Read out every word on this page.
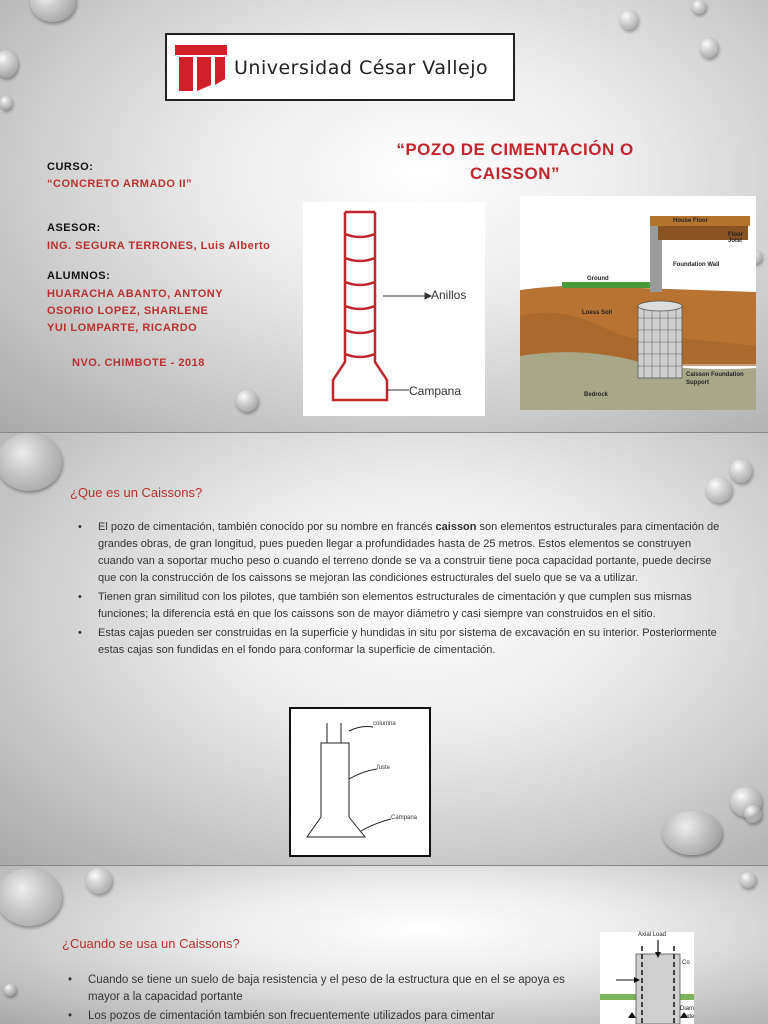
Universidad César Vallejo
CURSO:
“CONCRETO ARMADO II”
ASESOR:
ING. SEGURA TERRONES, Luis Alberto
ALUMNOS:
HUARACHA ABANTO, ANTONY
OSORIO LOPEZ, SHARLENE
YUI LOMPARTE, RICARDO
NVO. CHIMBOTE - 2018
“POZO DE CIMENTACIÓN O
CAISSON”
Anillos
Campana
House Floor
Floor Joist
Foundation Wall
Ground
Loess Soil
Bedrock
Caisson Foundation
Support
¿Que es un Caissons?
• El pozo de cimentación, también conocido por su nombre en francés caisson son elementos estructurales para cimentación de grandes obras, de gran longitud, pues pueden llegar a profundidades hasta de 25 metros. Estos elementos se construyen cuando van a soportar mucho peso o cuando el terreno donde se va a construir tiene poca capacidad portante, puede decirse que con la construcción de los caissons se mejoran las condiciones estructurales del suelo que se va a utilizar.
• Tienen gran similitud con los pilotes, que también son elementos estructurales de cimentación y que cumplen sus mismas funciones; la diferencia está en que los caissons son de mayor diámetro y casi siempre van construidos en el sitio.
• Estas cajas pueden ser construidas en la superficie y hundidas in situ por sistema de excavación en su interior. Posteriormente estas cajas son fundidas en el fondo para conformar la superficie de cimentación.
columna
fuste
Campana
¿Cuando se usa un Caissons?
• Cuando se tiene un suelo de baja resistencia y el peso de la estructura que en el se apoya es mayor a la capacidad portante
• Los pozos de cimentación también son frecuentemente utilizados para cimentar
Axial Load
Co
Diam
wide
